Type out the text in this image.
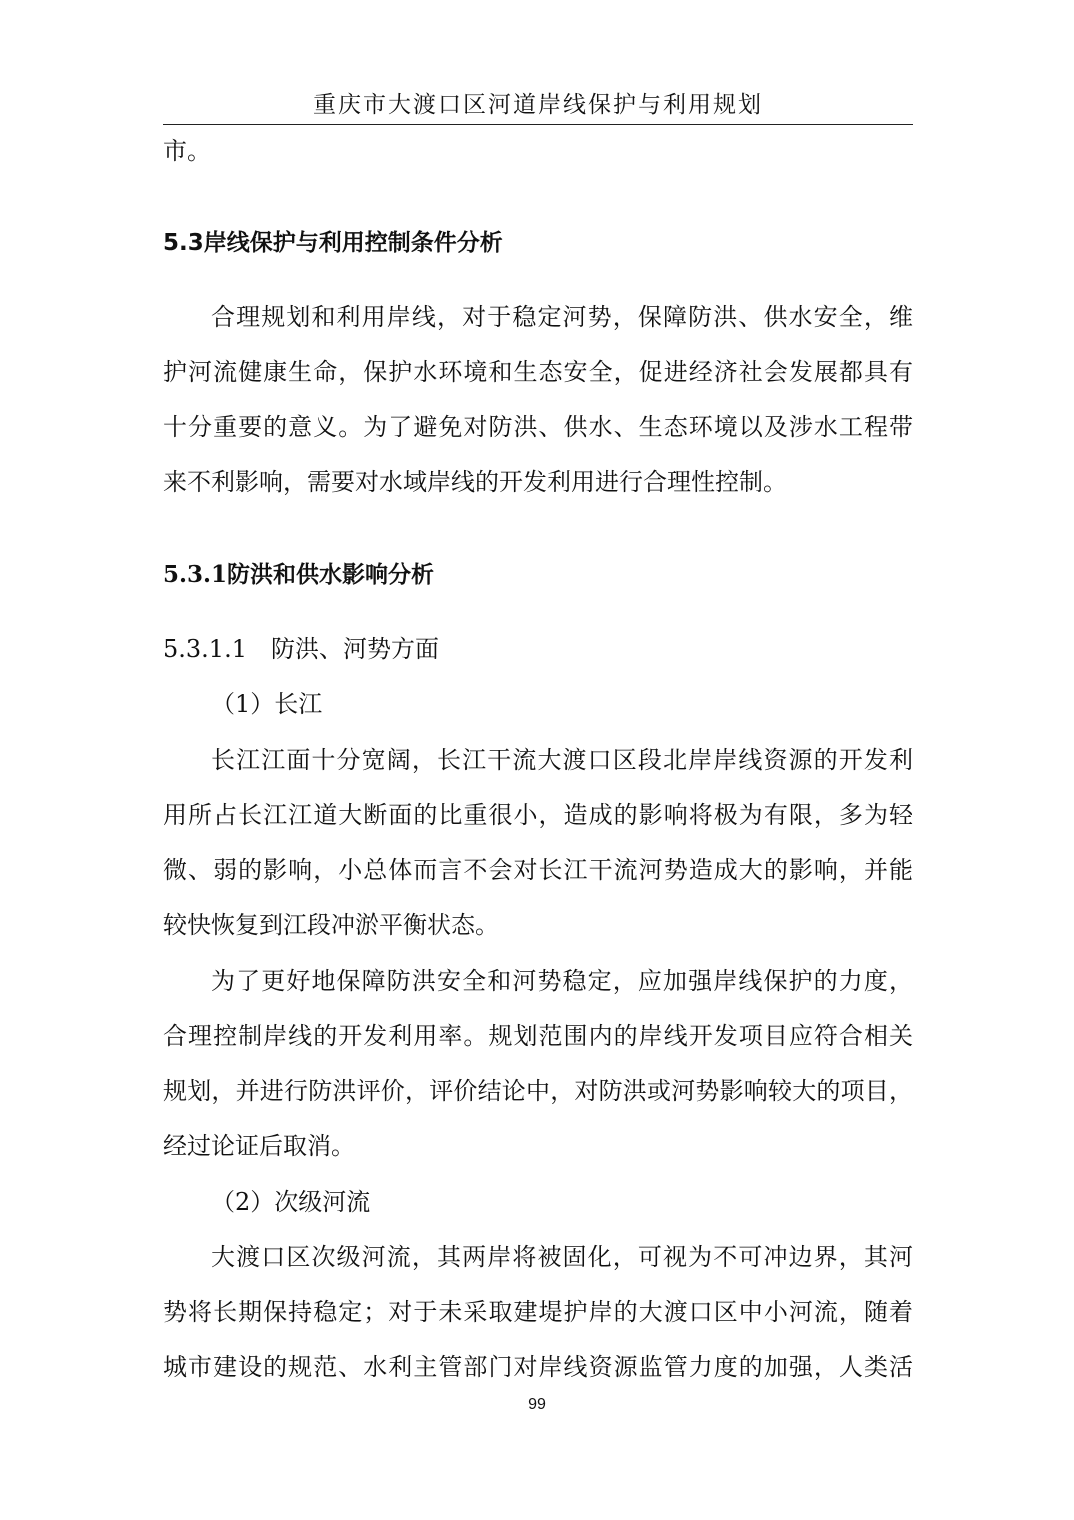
重庆市大渡口区河道岸线保护与利用规划
市。
5.3岸线保护与利用控制条件分析
合理规划和利用岸线，对于稳定河势，保障防洪、供水安全，维
护河流健康生命，保护水环境和生态安全，促进经济社会发展都具有
十分重要的意义。为了避免对防洪、供水、生态环境以及涉水工程带
来不利影响，需要对水域岸线的开发利用进行合理性控制。
5.3.1防洪和供水影响分析
5.3.1.1　防洪、河势方面
（1）长江
长江江面十分宽阔，长江干流大渡口区段北岸岸线资源的开发利
用所占长江江道大断面的比重很小，造成的影响将极为有限，多为轻
微、弱的影响，小总体而言不会对长江干流河势造成大的影响，并能
较快恢复到江段冲淤平衡状态。
为了更好地保障防洪安全和河势稳定，应加强岸线保护的力度，
合理控制岸线的开发利用率。规划范围内的岸线开发项目应符合相关
规划，并进行防洪评价，评价结论中，对防洪或河势影响较大的项目，
经过论证后取消。
（2）次级河流
大渡口区次级河流，其两岸将被固化，可视为不可冲边界，其河
势将长期保持稳定；对于未采取建堤护岸的大渡口区中小河流，随着
城市建设的规范、水利主管部门对岸线资源监管力度的加强，人类活
99
